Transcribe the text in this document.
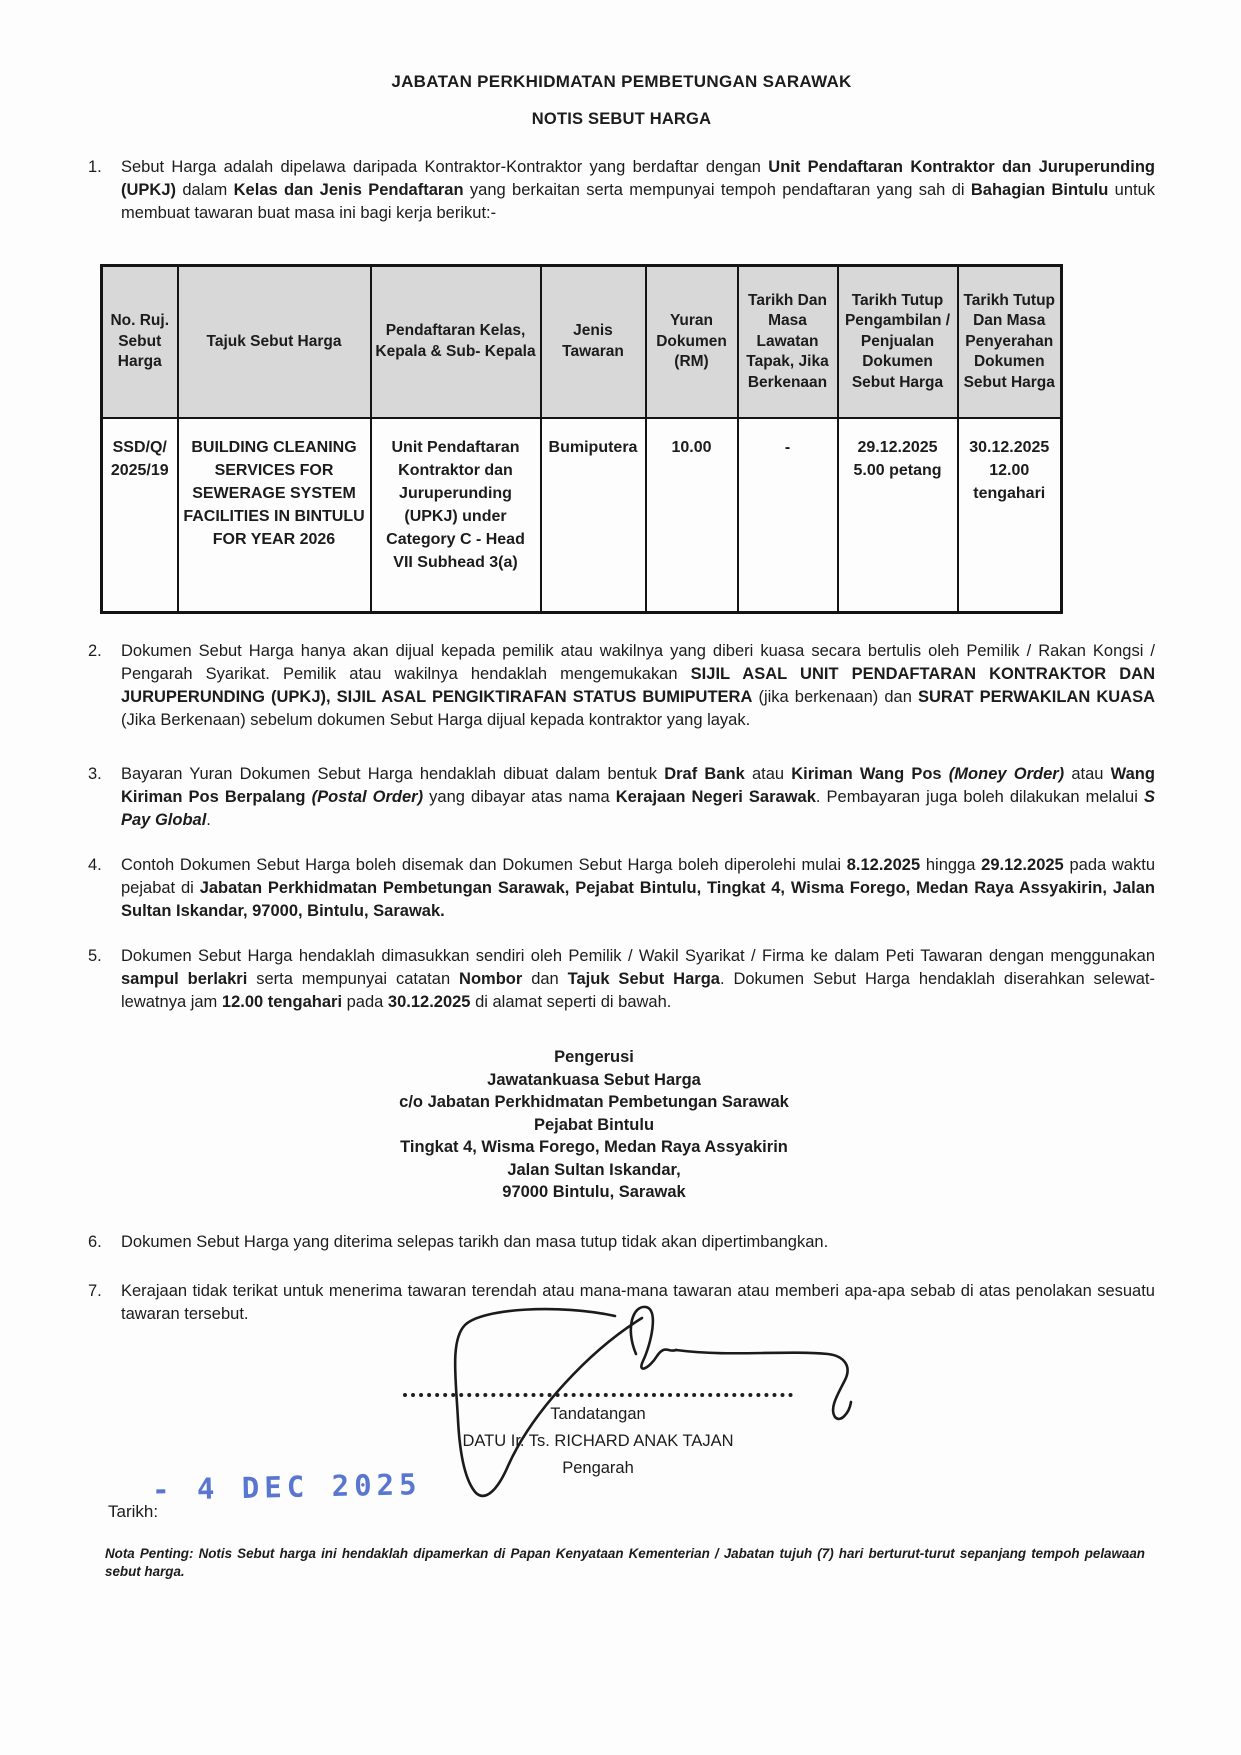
JABATAN PERKHIDMATAN PEMBETUNGAN SARAWAK
NOTIS SEBUT HARGA
1.	Sebut Harga adalah dipelawa daripada Kontraktor-Kontraktor yang berdaftar dengan Unit Pendaftaran Kontraktor dan Juruperunding (UPKJ) dalam Kelas dan Jenis Pendaftaran yang berkaitan serta mempunyai tempoh pendaftaran yang sah di Bahagian Bintulu untuk membuat tawaran buat masa ini bagi kerja berikut:-
No. Ruj. Sebut Harga	Tajuk Sebut Harga	Pendaftaran Kelas, Kepala & Sub- Kepala	Jenis Tawaran	Yuran Dokumen (RM)	Tarikh Dan Masa Lawatan Tapak, Jika Berkenaan	Tarikh Tutup Pengambilan / Penjualan Dokumen Sebut Harga	Tarikh Tutup Dan Masa Penyerahan Dokumen Sebut Harga
SSD/Q/ 2025/19	BUILDING CLEANING SERVICES FOR SEWERAGE SYSTEM FACILITIES IN BINTULU FOR YEAR 2026	Unit Pendaftaran Kontraktor dan Juruperunding (UPKJ) under Category C - Head VII Subhead 3(a)	Bumiputera	10.00	-	29.12.2025 5.00 petang	30.12.2025 12.00 tengahari
2.	Dokumen Sebut Harga hanya akan dijual kepada pemilik atau wakilnya yang diberi kuasa secara bertulis oleh Pemilik / Rakan Kongsi / Pengarah Syarikat. Pemilik atau wakilnya hendaklah mengemukakan SIJIL ASAL UNIT PENDAFTARAN KONTRAKTOR DAN JURUPERUNDING (UPKJ), SIJIL ASAL PENGIKTIRAFAN STATUS BUMIPUTERA (jika berkenaan) dan SURAT PERWAKILAN KUASA (Jika Berkenaan) sebelum dokumen Sebut Harga dijual kepada kontraktor yang layak.
3.	Bayaran Yuran Dokumen Sebut Harga hendaklah dibuat dalam bentuk Draf Bank atau Kiriman Wang Pos (Money Order) atau Wang Kiriman Pos Berpalang (Postal Order) yang dibayar atas nama Kerajaan Negeri Sarawak. Pembayaran juga boleh dilakukan melalui S Pay Global.
4.	Contoh Dokumen Sebut Harga boleh disemak dan Dokumen Sebut Harga boleh diperolehi mulai 8.12.2025 hingga 29.12.2025 pada waktu pejabat di Jabatan Perkhidmatan Pembetungan Sarawak, Pejabat Bintulu, Tingkat 4, Wisma Forego, Medan Raya Assyakirin, Jalan Sultan Iskandar, 97000, Bintulu, Sarawak.
5.	Dokumen Sebut Harga hendaklah dimasukkan sendiri oleh Pemilik / Wakil Syarikat / Firma ke dalam Peti Tawaran dengan menggunakan sampul berlakri serta mempunyai catatan Nombor dan Tajuk Sebut Harga. Dokumen Sebut Harga hendaklah diserahkan selewat-lewatnya jam 12.00 tengahari pada 30.12.2025 di alamat seperti di bawah.
Pengerusi
Jawatankuasa Sebut Harga
c/o Jabatan Perkhidmatan Pembetungan Sarawak
Pejabat Bintulu
Tingkat 4, Wisma Forego, Medan Raya Assyakirin
Jalan Sultan Iskandar,
97000 Bintulu, Sarawak
6.	Dokumen Sebut Harga yang diterima selepas tarikh dan masa tutup tidak akan dipertimbangkan.
7.	Kerajaan tidak terikat untuk menerima tawaran terendah atau mana-mana tawaran atau memberi apa-apa sebab di atas penolakan sesuatu tawaran tersebut.
Tandatangan
DATU Ir. Ts. RICHARD ANAK TAJAN
Pengarah
Tarikh:
- 4 DEC 2025
Nota Penting: Notis Sebut harga ini hendaklah dipamerkan di Papan Kenyataan Kementerian / Jabatan tujuh (7) hari berturut-turut sepanjang tempoh pelawaan sebut harga.
